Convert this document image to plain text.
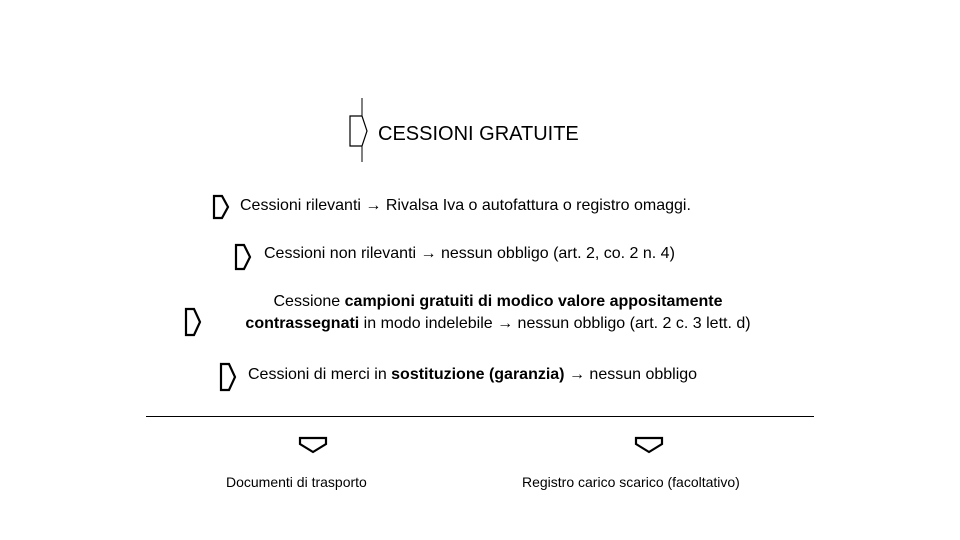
CESSIONI GRATUITE
Cessioni rilevanti → Rivalsa Iva o autofattura o registro omaggi.
Cessioni non rilevanti → nessun obbligo (art. 2, co. 2 n. 4)
Cessione campioni gratuiti di modico valore appositamente
contrassegnati in modo indelebile → nessun obbligo (art. 2 c. 3 lett. d)
Cessioni di merci in sostituzione (garanzia) → nessun obbligo
Documenti di trasporto	Registro carico scarico (facoltativo)
